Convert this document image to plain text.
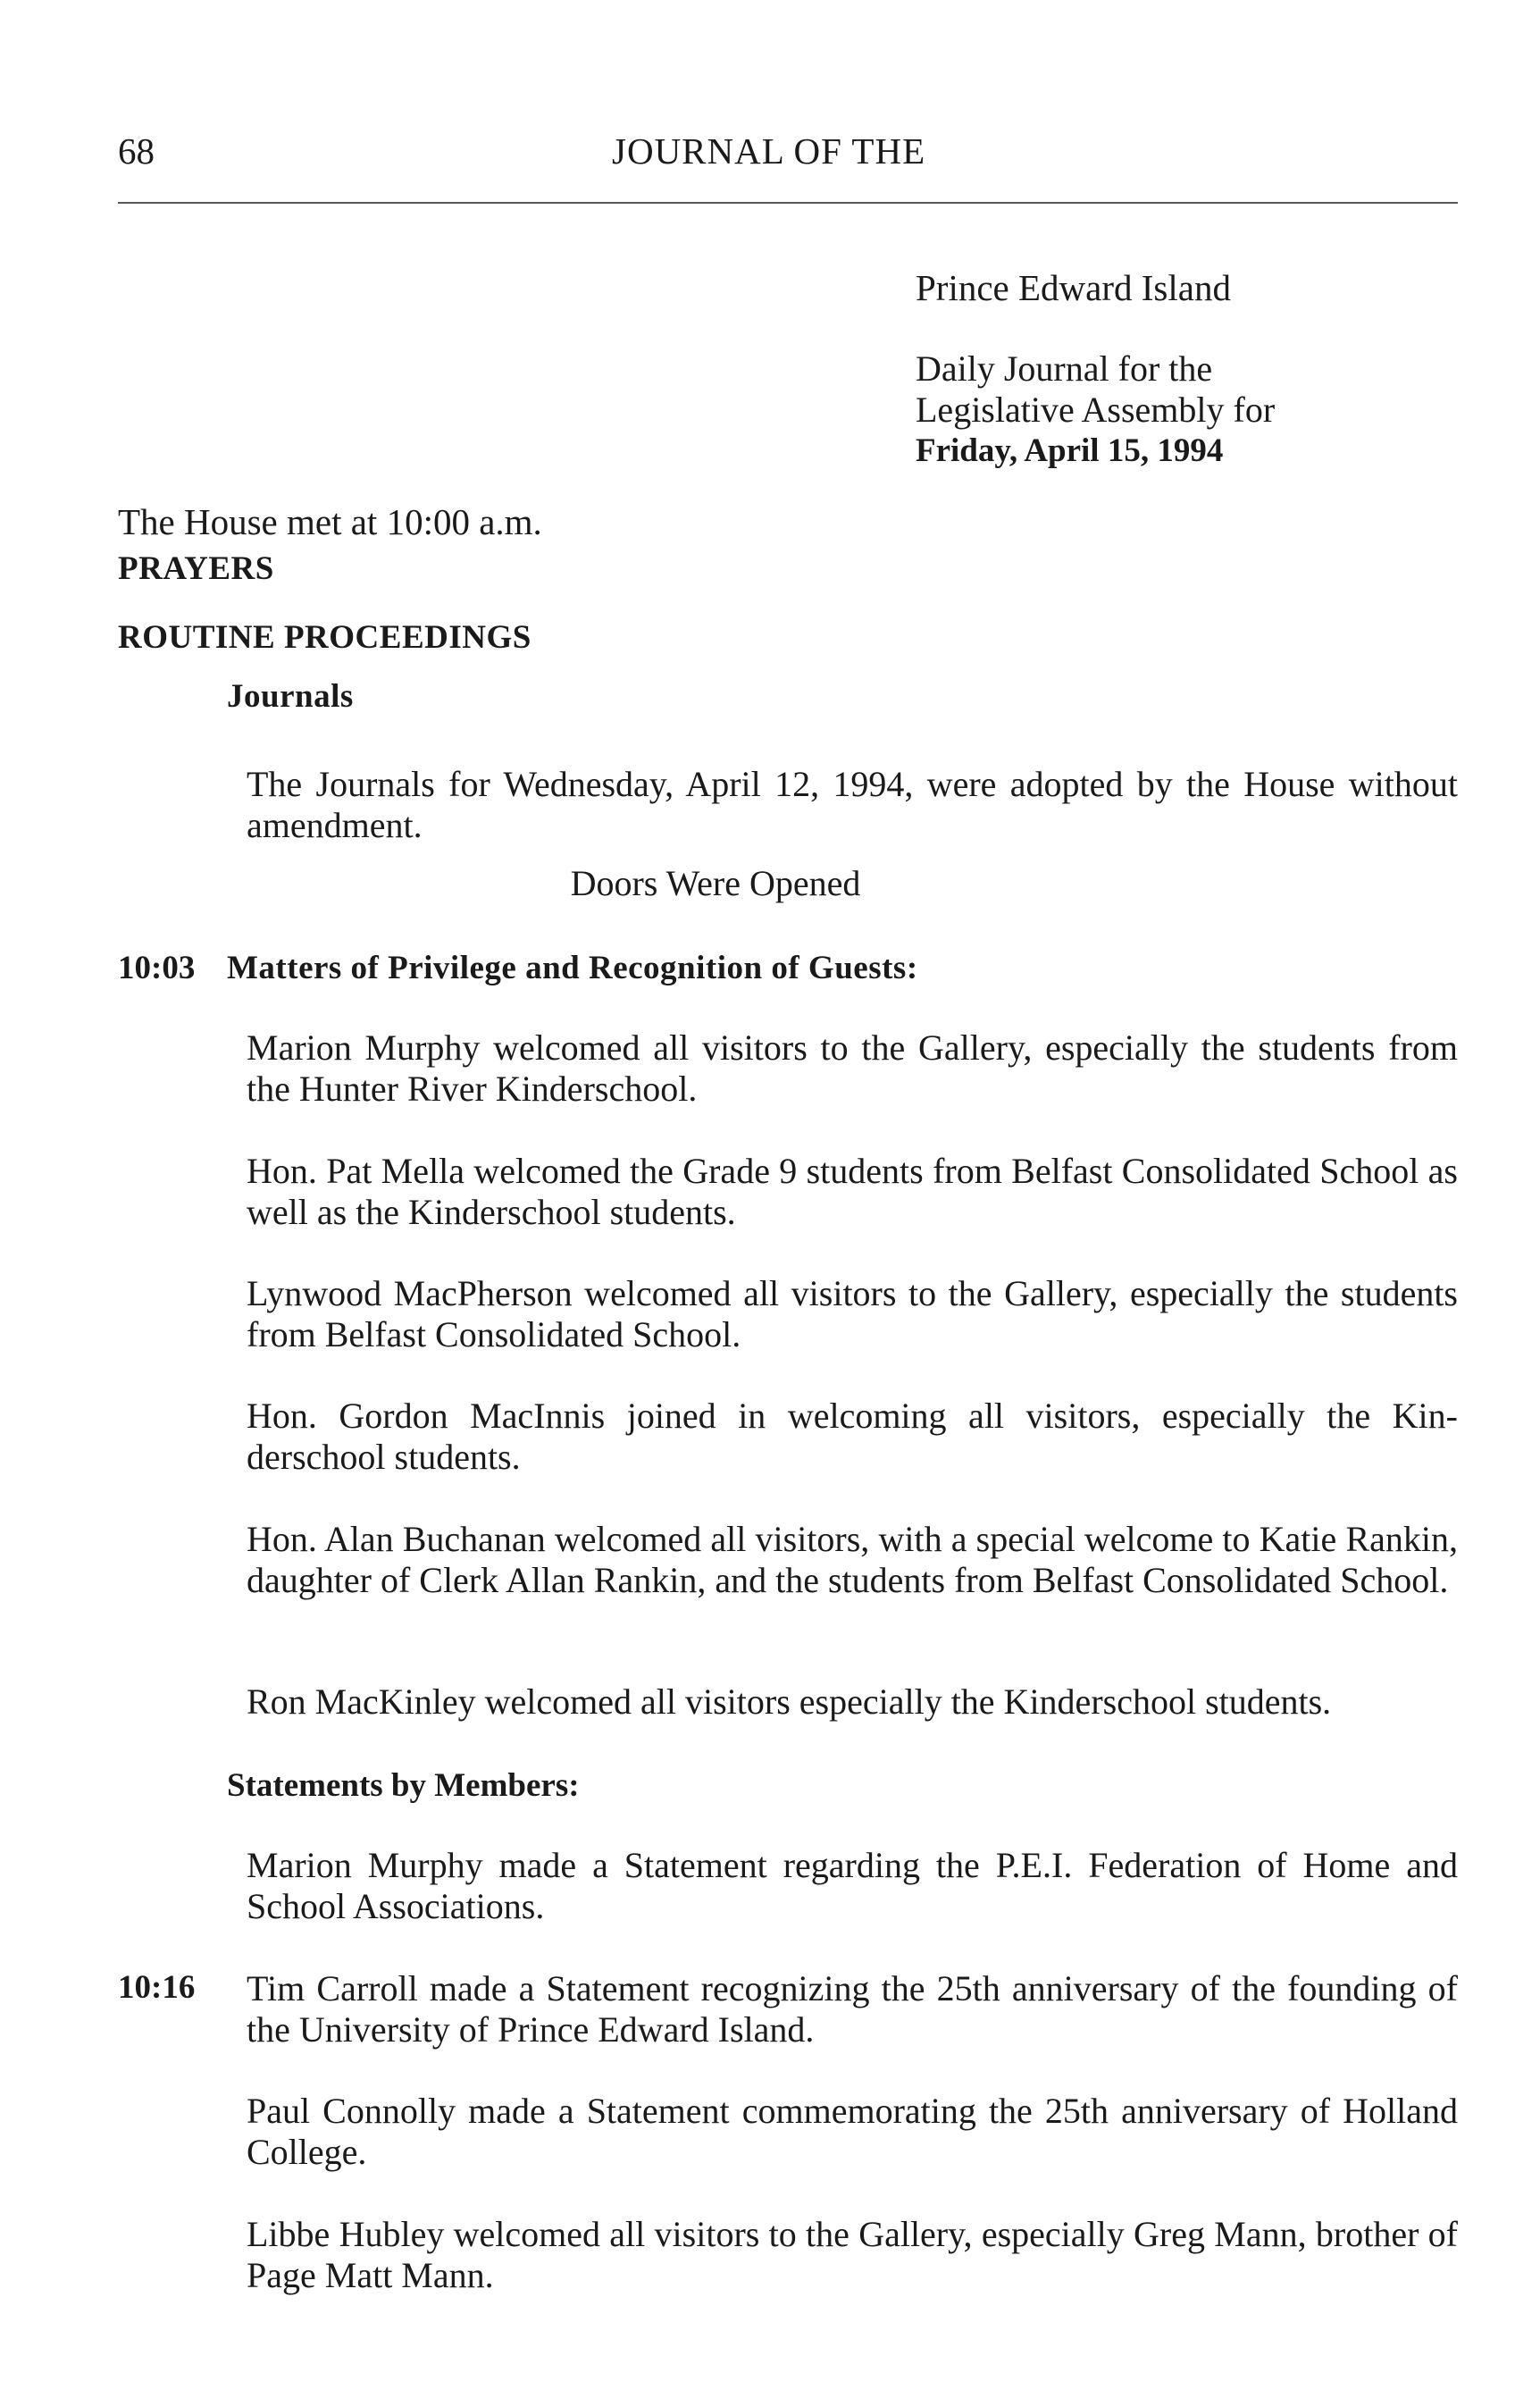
68	JOURNAL OF THE
Prince Edward Island
Daily Journal for the
Legislative Assembly for
Friday, April 15, 1994
The House met at 10:00 a.m.
PRAYERS
ROUTINE PROCEEDINGS
Journals

The Journals for Wednesday, April 12, 1994, were adopted by the House without amendment.

Doors Were Opened
10:03 Matters of Privilege and Recognition of Guests:

Marion Murphy welcomed all visitors to the Gallery, especially the students from the Hunter River Kinderschool.

Hon. Pat Mella welcomed the Grade 9 students from Belfast Consolidated School as well as the Kinderschool students.

Lynwood MacPherson welcomed all visitors to the Gallery, especially the students from Belfast Consolidated School.

Hon. Gordon MacInnis joined in welcoming all visitors, especially the Kin- derschool students.

Hon. Alan Buchanan welcomed all visitors, with a special welcome to Katie Rankin, daughter of Clerk Allan Rankin, and the students from Belfast Consolidated School.

Ron MacKinley welcomed all visitors especially the Kinderschool students.

Statements by Members:

Marion Murphy made a Statement regarding the P.E.I. Federation of Home and School Associations.

10:16 Tim Carroll made a Statement recognizing the 25th anniversary of the founding of the University of Prince Edward Island.

Paul Connolly made a Statement commemorating the 25th anniversary of Holland College.

Libbe Hubley welcomed all visitors to the Gallery, especially Greg Mann, brother of Page Matt Mann.
